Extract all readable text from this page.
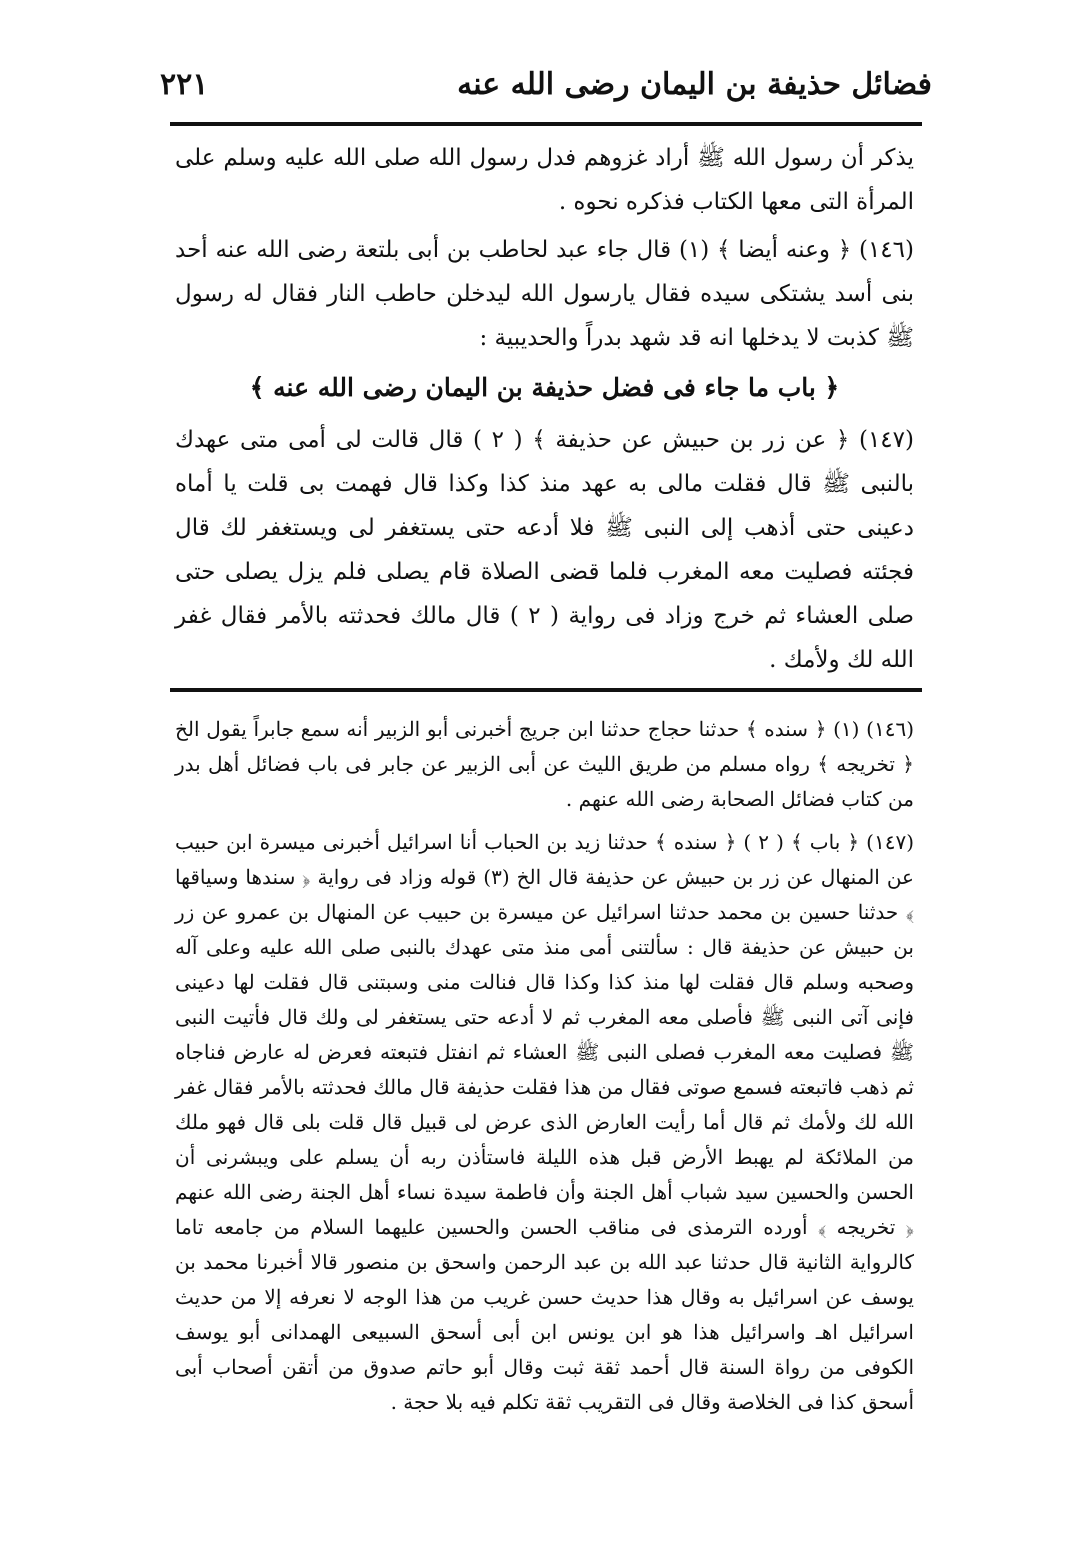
فضائل حذيفة بن اليمان رضى الله عنه
٢٢١

يذكر أن رسول الله ﷺ أراد غزوهم فدل رسول الله صلى الله عليه وسلم على المرأة التى معها الكتاب فذكره نحوه .

(١٤٦) ﴿ وعنه أيضا ﴾ (١) قال جاء عبد لحاطب بن أبى بلتعة رضى الله عنه أحد بنى أسد يشتكى سيده فقال يارسول الله ليدخلن حاطب النار فقال له رسول ﷺ كذبت لا يدخلها انه قد شهد بدراً والحديبية :

﴿ باب ما جاء فى فضل حذيفة بن اليمان رضى الله عنه ﴾

(١٤٧) ﴿ عن زر بن حبيش عن حذيفة ﴾ ( ٢ ) قال قالت لى أمى متى عهدك بالنبى ﷺ قال فقلت مالى به عهد منذ كذا وكذا قال فهمت بى قلت يا أماه دعينى حتى أذهب إلى النبى ﷺ فلا أدعه حتى يستغفر لى ويستغفر لك قال فجئته فصليت معه المغرب فلما قضى الصلاة قام يصلى فلم يزل يصلى حتى صلى العشاء ثم خرج وزاد فى رواية ( ٢ ) قال مالك فحدثته بالأمر فقال غفر الله لك ولأمك .

(١٤٦) (١) ﴿ سنده ﴾ حدثنا حجاج حدثنا ابن جريج أخبرنى أبو الزبير أنه سمع جابراً يقول الخ ﴿ تخريجه ﴾ رواه مسلم من طريق الليث عن أبى الزبير عن جابر فى باب فضائل أهل بدر من كتاب فضائل الصحابة رضى الله عنهم .

(١٤٧) ﴿ باب ﴾ ( ٢ ) ﴿ سنده ﴾ حدثنا زيد بن الحباب أنا اسرائيل أخبرنى ميسرة ابن حبيب عن المنهال عن زر بن حبيش عن حذيفة قال الخ (٣) قوله وزاد فى رواية ﴿ سندها وسياقها ﴾ حدثنا حسين بن محمد حدثنا اسرائيل عن ميسرة بن حبيب عن المنهال بن عمرو عن زر بن حبيش عن حذيفة قال : سألتنى أمى منذ متى عهدك بالنبى صلى الله عليه وعلى آله وصحبه وسلم قال فقلت لها منذ كذا وكذا قال فنالت منى وسبتنى قال فقلت لها دعينى فإنى آتى النبى ﷺ فأصلى معه المغرب ثم لا أدعه حتى يستغفر لى ولك قال فأتيت النبى ﷺ فصليت معه المغرب فصلى النبى ﷺ العشاء ثم انفتل فتبعته فعرض له عارض فناجاه ثم ذهب فاتبعته فسمع صوتى فقال من هذا فقلت حذيفة قال مالك فحدثته بالأمر فقال غفر الله لك ولأمك ثم قال أما رأيت العارض الذى عرض لى قبيل قال قلت بلى قال فهو ملك من الملائكة لم يهبط الأرض قبل هذه الليلة فاستأذن ربه أن يسلم على ويبشرنى أن الحسن والحسين سيد شباب أهل الجنة وأن فاطمة سيدة نساء أهل الجنة رضى الله عنهم ﴿ تخريجه ﴾ أورده الترمذى فى مناقب الحسن والحسين عليهما السلام من جامعه تاما كالرواية الثانية قال حدثنا عبد الله بن عبد الرحمن واسحق بن منصور قالا أخبرنا محمد بن يوسف عن اسرائيل به وقال هذا حديث حسن غريب من هذا الوجه لا نعرفه إلا من حديث اسرائيل اهـ واسرائيل هذا هو ابن يونس ابن أبى أسحق السبيعى الهمدانى أبو يوسف الكوفى من رواة السنة قال أحمد ثقة ثبت وقال أبو حاتم صدوق من أتقن أصحاب أبى أسحق كذا فى الخلاصة وقال فى التقريب ثقة تكلم فيه بلا حجة .
